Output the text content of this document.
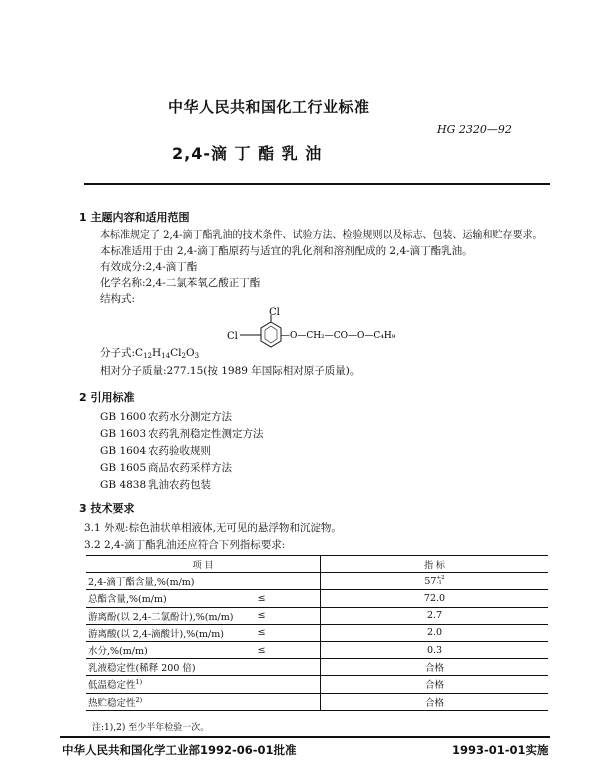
中华人民共和国化工行业标准
HG 2320—92
2,4-滴 丁 酯 乳 油
1 主题内容和适用范围
本标准规定了 2,4-滴丁酯乳油的技术条件、试验方法、检验规则以及标志、包装、运输和贮存要求。
本标准适用于由 2,4-滴丁酯原药与适宜的乳化剂和溶剂配成的 2,4-滴丁酯乳油。
有效成分:2,4-滴丁酯
化学名称:2,4-二氯苯氧乙酸正丁酯
结构式:
Cl
Cl	—O—CH₂—CO—O—C₄H₉
分子式$:C_{12}H_{14}Cl_2O_3$
相对分子质量:277.15(按 1989 年国际相对原子质量)。
2 引用标准
GB 1600 农药水分测定方法
GB 1603 农药乳剂稳定性测定方法
GB 1604 农药验收规则
GB 1605 商品农药采样方法
GB 4838 乳油农药包装
3 技术要求
3.1 外观:棕色油状单相液体,无可见的悬浮物和沉淀物。
3.2 2,4-滴丁酯乳油还应符合下列指标要求:
项 目		指 标
2,4-滴丁酯含量,%(m/m)		57+2
-1
总酯含量,%(m/m)	≤	72.0
游离酚(以 2,4-二氯酚计),%(m/m)	≤	2.7
游离酸(以 2,4-滴酸计),%(m/m)	≤	2.0
水分,%(m/m)	≤	0.3
乳液稳定性(稀释 200 倍)		合格
低温稳定性$^{1)}$		合格
热贮稳定性$^{2)}$		合格
注:1),2) 至少半年检验一次。
中华人民共和国化学工业部1992-06-01批准	1993-01-01实施
